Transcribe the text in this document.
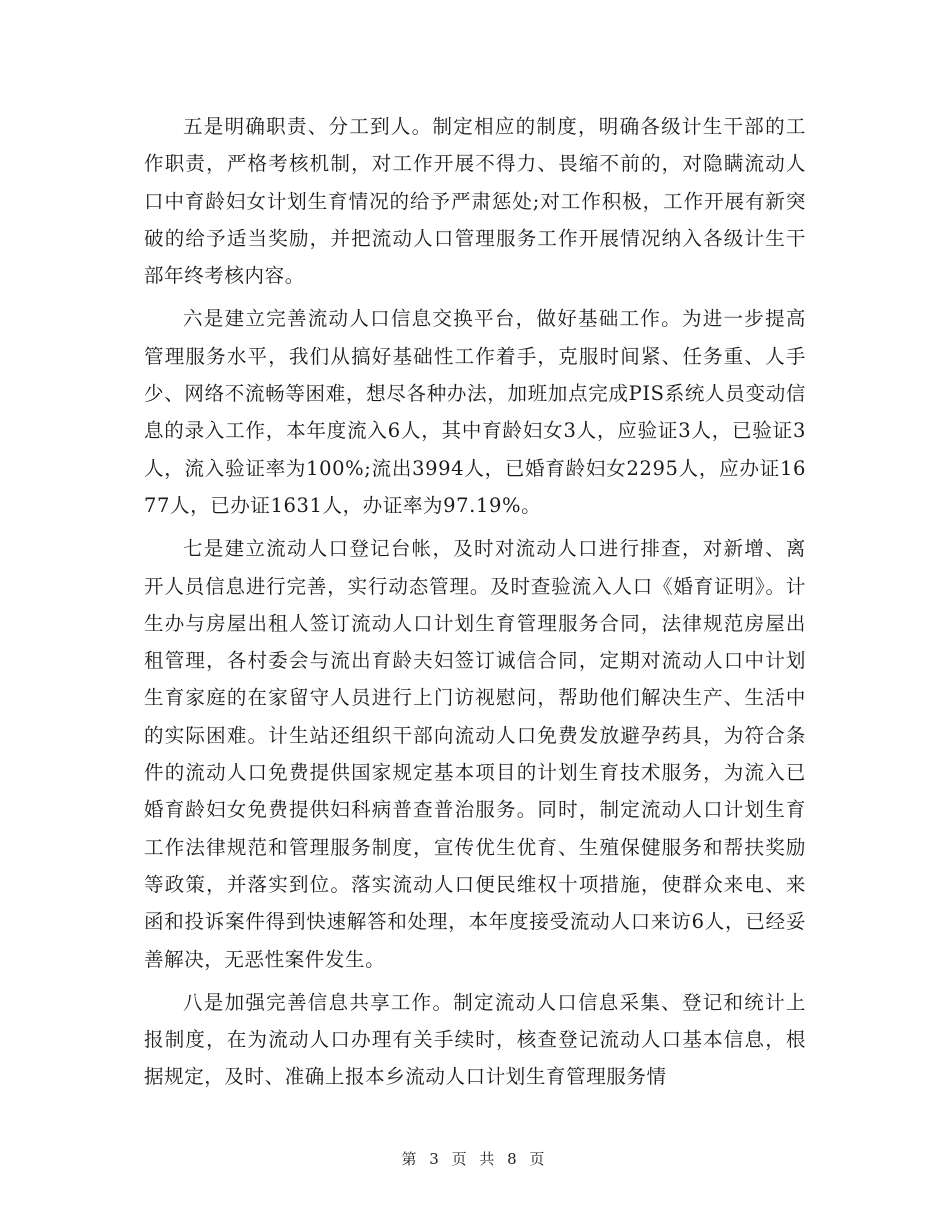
五是明确职责、分工到人。制定相应的制度，明确各级计生干部的工作职责，严格考核机制，对工作开展不得力、畏缩不前的，对隐瞒流动人口中育龄妇女计划生育情况的给予严肃惩处;对工作积极，工作开展有新突破的给予适当奖励，并把流动人口管理服务工作开展情况纳入各级计生干部年终考核内容。

六是建立完善流动人口信息交换平台，做好基础工作。为进一步提高管理服务水平，我们从搞好基础性工作着手，克服时间紧、任务重、人手少、网络不流畅等困难，想尽各种办法，加班加点完成PIS系统人员变动信息的录入工作，本年度流入6人，其中育龄妇女3人，应验证3人，已验证3人，流入验证率为100%;流出3994人，已婚育龄妇女2295人，应办证1677人，已办证1631人，办证率为97.19%。

七是建立流动人口登记台帐，及时对流动人口进行排查，对新增、离开人员信息进行完善，实行动态管理。及时查验流入人口《婚育证明》。计生办与房屋出租人签订流动人口计划生育管理服务合同，法律规范房屋出租管理，各村委会与流出育龄夫妇签订诚信合同，定期对流动人口中计划生育家庭的在家留守人员进行上门访视慰问，帮助他们解决生产、生活中的实际困难。计生站还组织干部向流动人口免费发放避孕药具，为符合条件的流动人口免费提供国家规定基本项目的计划生育技术服务，为流入已婚育龄妇女免费提供妇科病普查普治服务。同时，制定流动人口计划生育工作法律规范和管理服务制度，宣传优生优育、生殖保健服务和帮扶奖励等政策，并落实到位。落实流动人口便民维权十项措施，使群众来电、来函和投诉案件得到快速解答和处理，本年度接受流动人口来访6人，已经妥善解决，无恶性案件发生。

八是加强完善信息共享工作。制定流动人口信息采集、登记和统计上报制度，在为流动人口办理有关手续时，核查登记流动人口基本信息，根据规定，及时、准确上报本乡流动人口计划生育管理服务情

第 3 页 共 8 页
